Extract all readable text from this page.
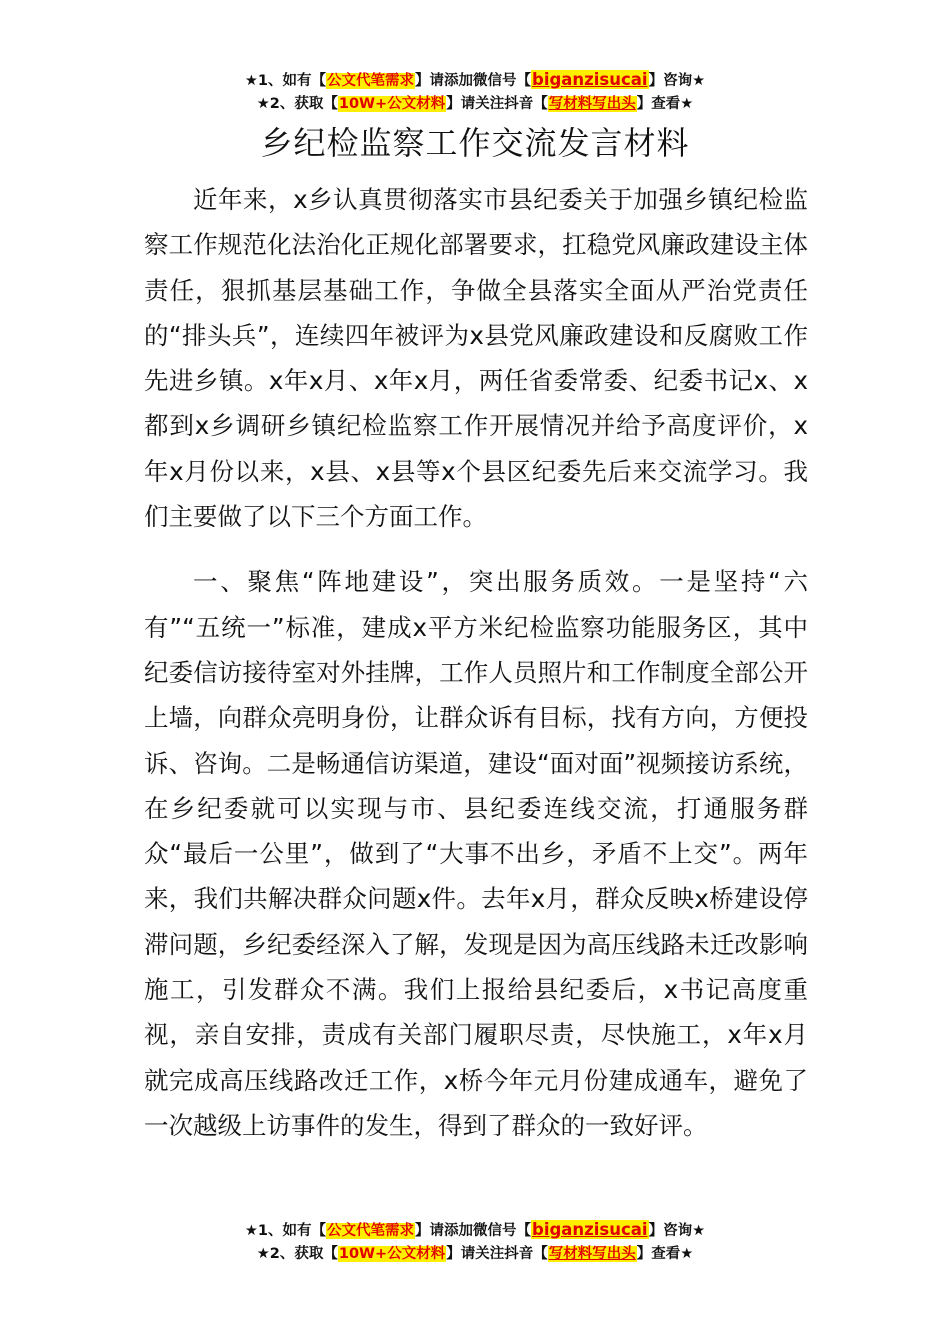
★1、如有【公文代笔需求】请添加微信号【biganzisucai】咨询★
★2、获取【10W+公文材料】请关注抖音【写材料写出头】查看★
乡纪检监察工作交流发言材料

近年来，x乡认真贯彻落实市县纪委关于加强乡镇纪检监察工作规范化法治化正规化部署要求，扛稳党风廉政建设主体责任，狠抓基层基础工作，争做全县落实全面从严治党责任的“排头兵”，连续四年被评为x县党风廉政建设和反腐败工作先进乡镇。x年x月、x年x月，两任省委常委、纪委书记x、x都到x乡调研乡镇纪检监察工作开展情况并给予高度评价，x年x月份以来，x县、x县等x个县区纪委先后来交流学习。我们主要做了以下三个方面工作。

一、聚焦“阵地建设”，突出服务质效。一是坚持“六有”“五统一”标准，建成x平方米纪检监察功能服务区，其中纪委信访接待室对外挂牌，工作人员照片和工作制度全部公开上墙，向群众亮明身份，让群众诉有目标，找有方向，方便投诉、咨询。二是畅通信访渠道，建设“面对面”视频接访系统，在乡纪委就可以实现与市、县纪委连线交流，打通服务群众“最后一公里”，做到了“大事不出乡，矛盾不上交”。两年来，我们共解决群众问题x件。去年x月，群众反映x桥建设停滞问题，乡纪委经深入了解，发现是因为高压线路未迁改影响施工，引发群众不满。我们上报给县纪委后，x书记高度重视，亲自安排，责成有关部门履职尽责，尽快施工，x年x月就完成高压线路改迁工作，x桥今年元月份建成通车，避免了一次越级上访事件的发生，得到了群众的一致好评。

★1、如有【公文代笔需求】请添加微信号【biganzisucai】咨询★
★2、获取【10W+公文材料】请关注抖音【写材料写出头】查看★
